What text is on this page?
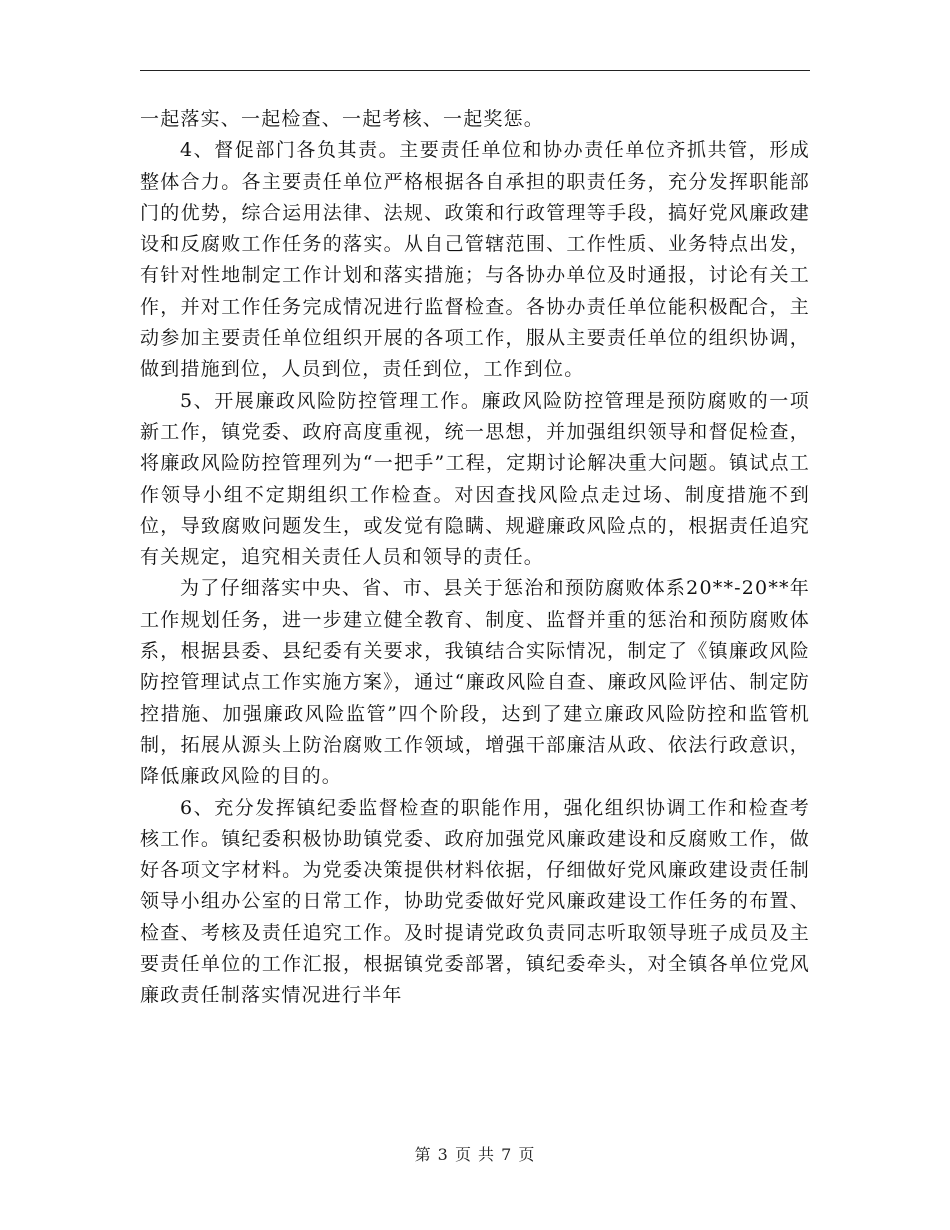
一起落实、一起检查、一起考核、一起奖惩。

4、督促部门各负其责。主要责任单位和协办责任单位齐抓共管，形成整体合力。各主要责任单位严格根据各自承担的职责任务，充分发挥职能部门的优势，综合运用法律、法规、政策和行政管理等手段，搞好党风廉政建设和反腐败工作任务的落实。从自己管辖范围、工作性质、业务特点出发，有针对性地制定工作计划和落实措施；与各协办单位及时通报，讨论有关工作，并对工作任务完成情况进行监督检查。各协办责任单位能积极配合，主动参加主要责任单位组织开展的各项工作，服从主要责任单位的组织协调，做到措施到位，人员到位，责任到位，工作到位。

5、开展廉政风险防控管理工作。廉政风险防控管理是预防腐败的一项新工作，镇党委、政府高度重视，统一思想，并加强组织领导和督促检查，将廉政风险防控管理列为“一把手”工程，定期讨论解决重大问题。镇试点工作领导小组不定期组织工作检查。对因查找风险点走过场、制度措施不到位，导致腐败问题发生，或发觉有隐瞒、规避廉政风险点的，根据责任追究有关规定，追究相关责任人员和领导的责任。

为了仔细落实中央、省、市、县关于惩治和预防腐败体系20**-20**年工作规划任务，进一步建立健全教育、制度、监督并重的惩治和预防腐败体系，根据县委、县纪委有关要求，我镇结合实际情况，制定了《镇廉政风险防控管理试点工作实施方案》，通过“廉政风险自查、廉政风险评估、制定防控措施、加强廉政风险监管”四个阶段，达到了建立廉政风险防控和监管机制，拓展从源头上防治腐败工作领域，增强干部廉洁从政、依法行政意识，降低廉政风险的目的。

6、充分发挥镇纪委监督检查的职能作用，强化组织协调工作和检查考核工作。镇纪委积极协助镇党委、政府加强党风廉政建设和反腐败工作，做好各项文字材料。为党委决策提供材料依据，仔细做好党风廉政建设责任制领导小组办公室的日常工作，协助党委做好党风廉政建设工作任务的布置、检查、考核及责任追究工作。及时提请党政负责同志听取领导班子成员及主要责任单位的工作汇报，根据镇党委部署，镇纪委牵头，对全镇各单位党风廉政责任制落实情况进行半年

第 3 页 共 7 页
